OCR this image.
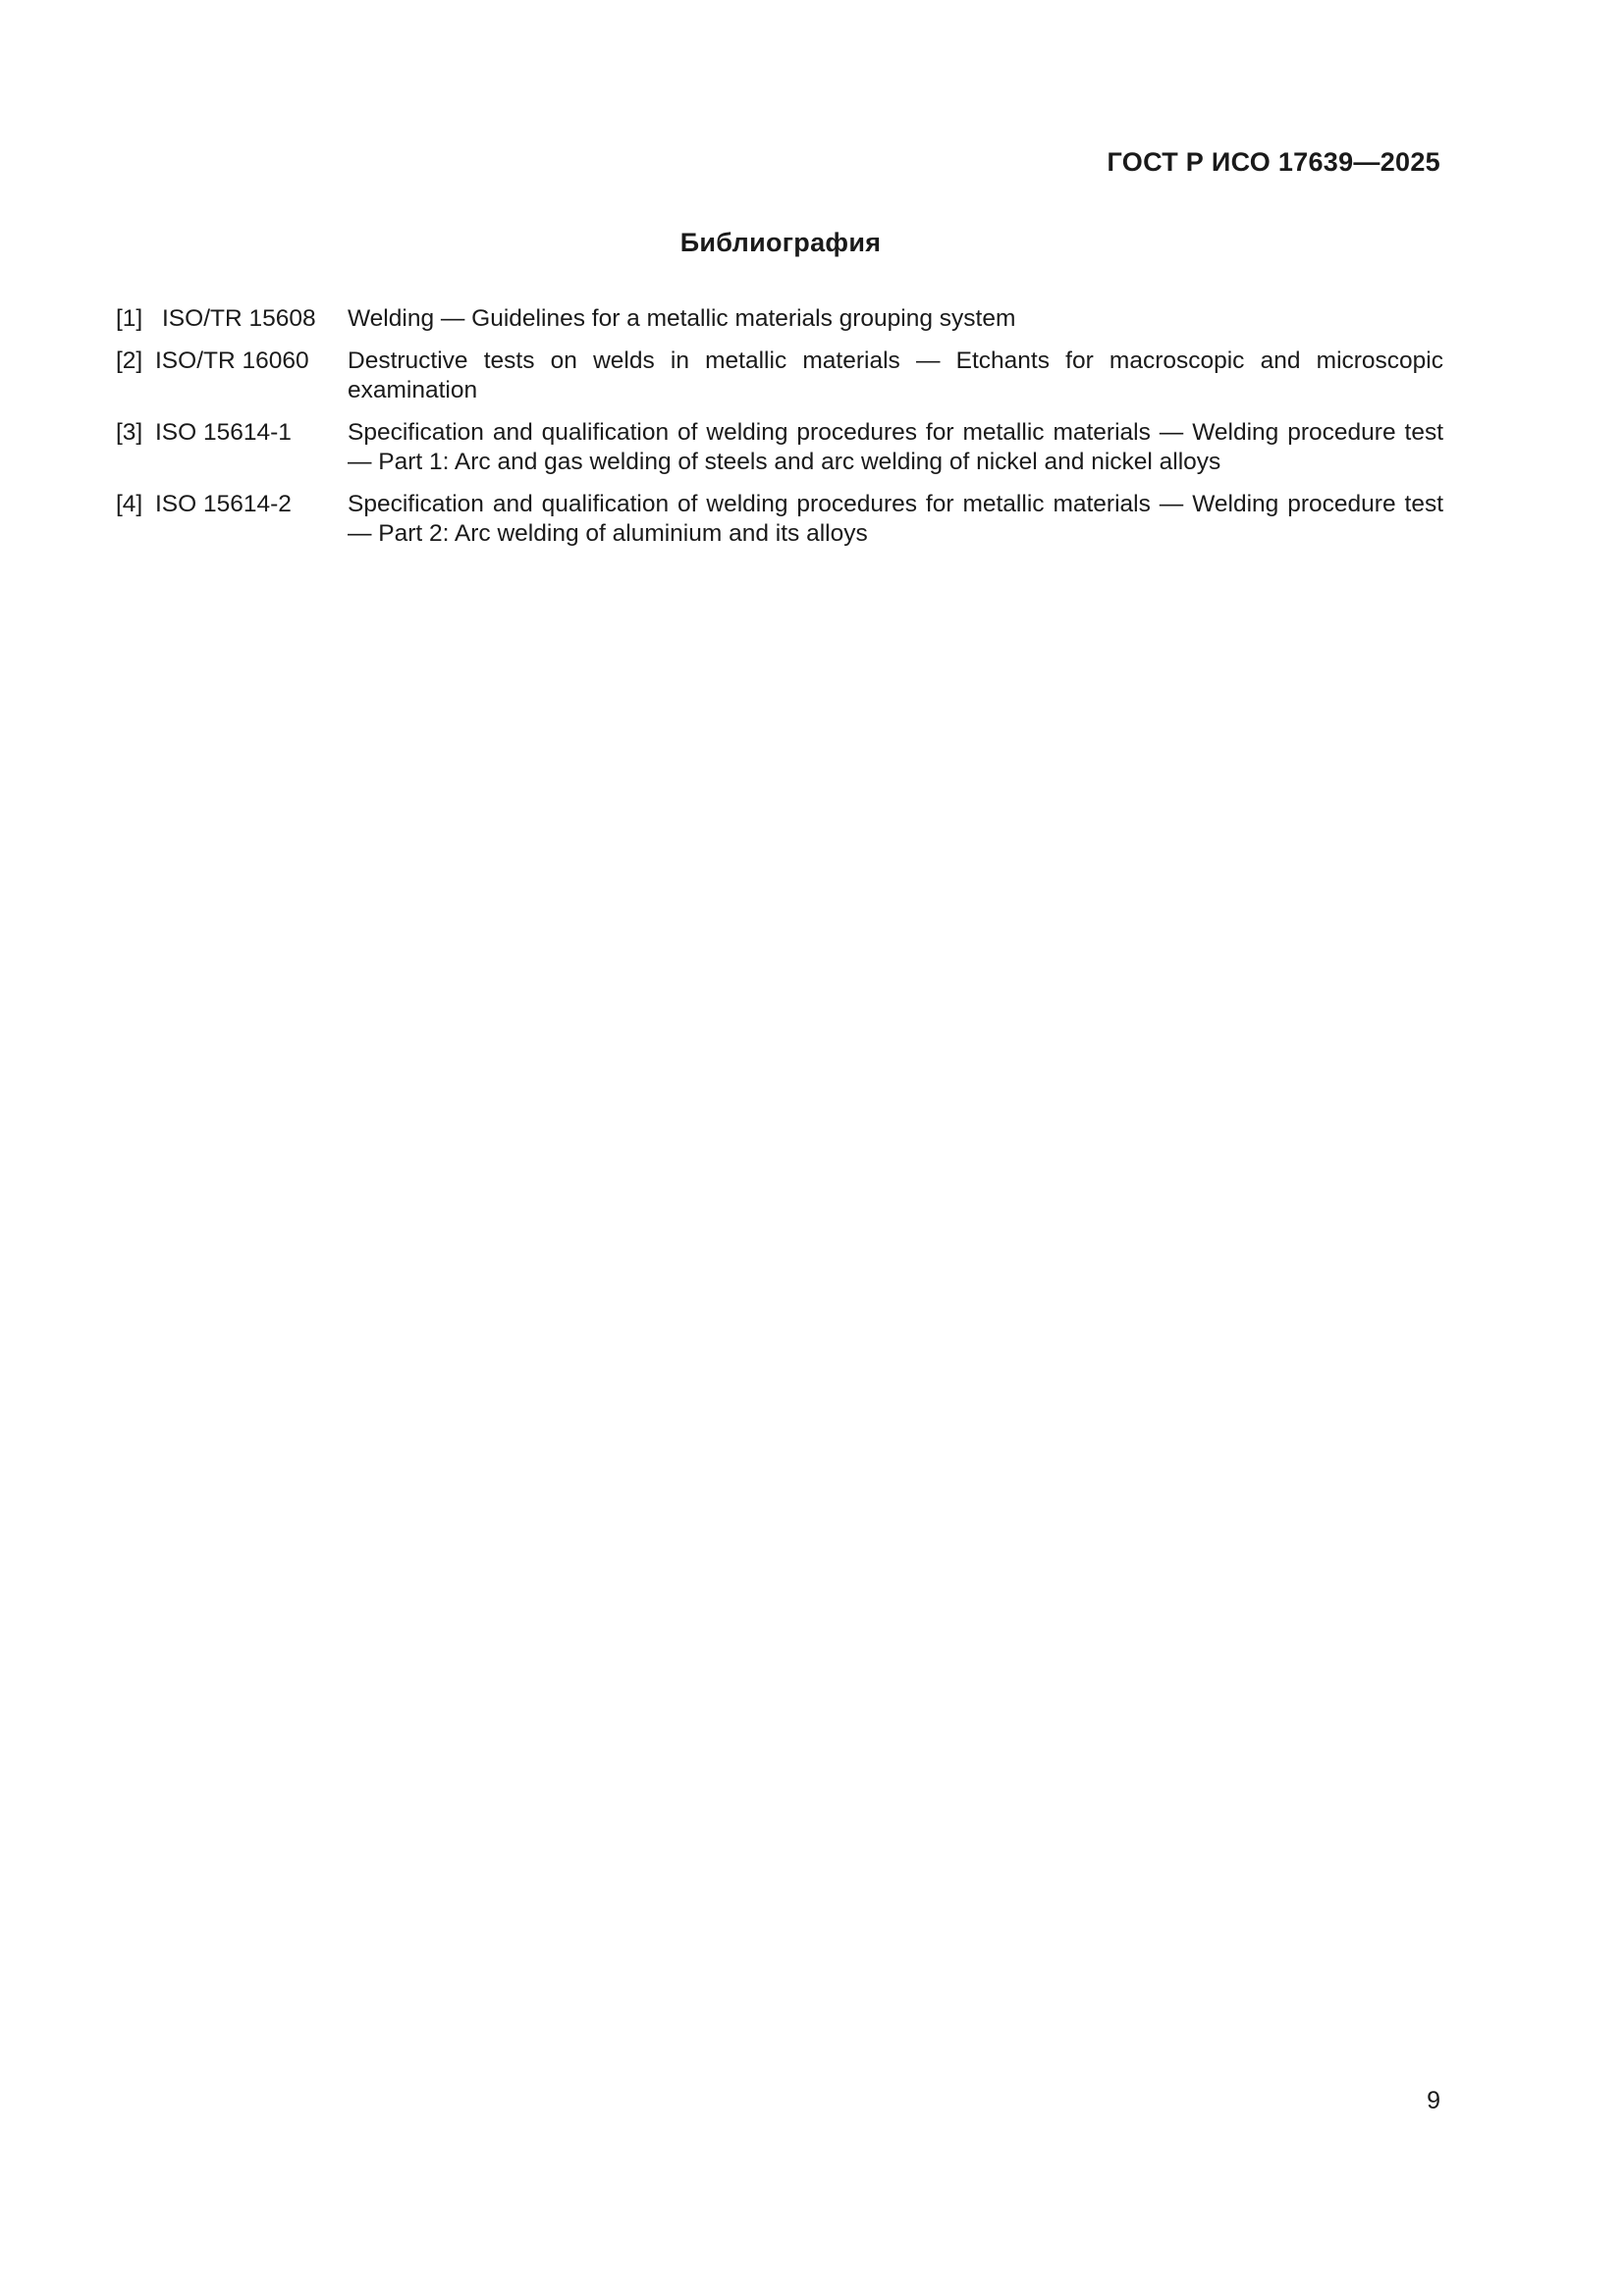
ГОСТ Р ИСО 17639—2025
Библиография
[1] ISO/TR 15608 Welding — Guidelines for a metallic materials grouping system
[2] ISO/TR 16060 Destructive tests on welds in metallic materials — Etchants for macroscopic and microscopic examination
[3] ISO 15614-1 Specification and qualification of welding procedures for metallic materials — Welding procedure test — Part 1: Arc and gas welding of steels and arc welding of nickel and nickel alloys
[4] ISO 15614-2 Specification and qualification of welding procedures for metallic materials — Welding procedure test — Part 2: Arc welding of aluminium and its alloys
9
